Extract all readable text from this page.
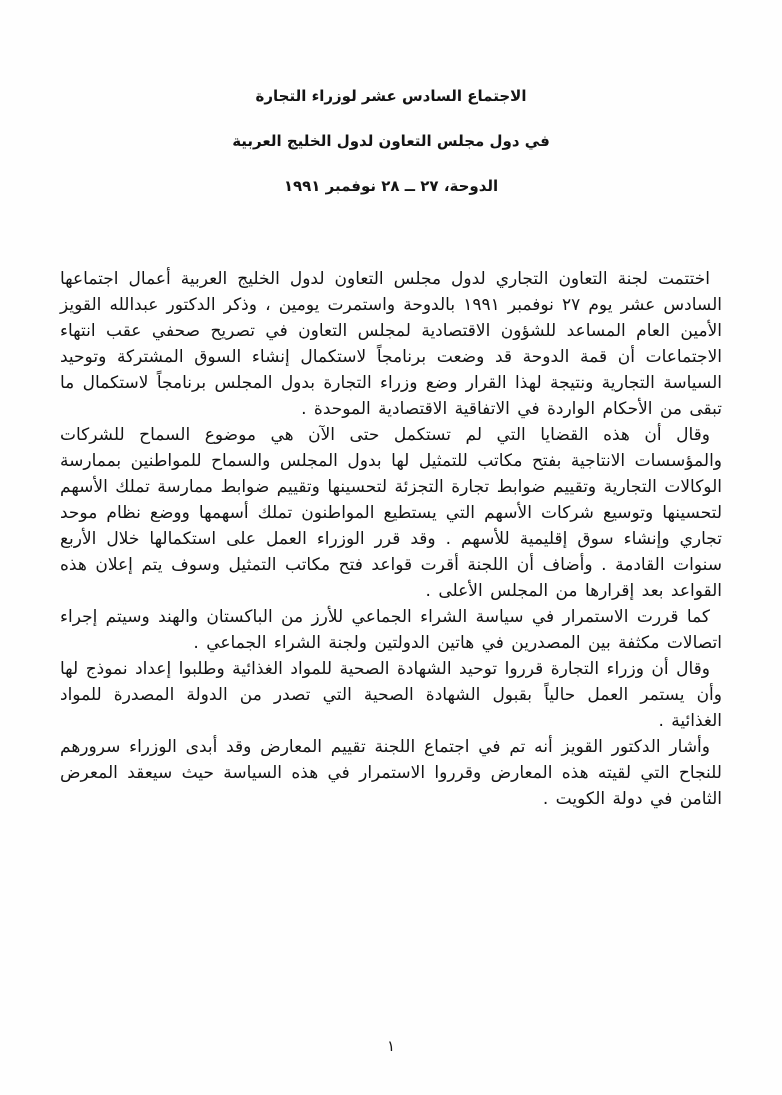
الاجتماع السادس عشر لوزراء التجارة
في دول مجلس التعاون لدول الخليج العربية
الدوحة، ٢٧ ــ ٢٨ نوفمبر ١٩٩١

اختتمت لجنة التعاون التجاري لدول مجلس التعاون لدول الخليج العربية أعمال اجتماعها السادس عشر يوم ٢٧ نوفمبر ١٩٩١ بالدوحة واستمرت يومين ، وذكر الدكتور عبدالله القويز الأمين العام المساعد للشؤون الاقتصادية لمجلس التعاون في تصريح صحفي عقب انتهاء الاجتماعات أن قمة الدوحة قد وضعت برنامجاً لاستكمال إنشاء السوق المشتركة وتوحيد السياسة التجارية ونتيجة لهذا القرار وضع وزراء التجارة بدول المجلس برنامجاً لاستكمال ما تبقى من الأحكام الواردة في الاتفاقية الاقتصادية الموحدة .

وقال أن هذه القضايا التي لم تستكمل حتى الآن هي موضوع السماح للشركات والمؤسسات الانتاجية بفتح مكاتب للتمثيل لها بدول المجلس والسماح للمواطنين بممارسة الوكالات التجارية وتقييم ضوابط تجارة التجزئة لتحسينها وتقييم ضوابط ممارسة تملك الأسهم لتحسينها وتوسيع شركات الأسهم التي يستطيع المواطنون تملك أسهمها ووضع نظام موحد تجاري وإنشاء سوق إقليمية للأسهم . وقد قرر الوزراء العمل على استكمالها خلال الأربع سنوات القادمة . وأضاف أن اللجنة أقرت قواعد فتح مكاتب التمثيل وسوف يتم إعلان هذه القواعد بعد إقرارها من المجلس الأعلى .

كما قررت الاستمرار في سياسة الشراء الجماعي للأرز من الباكستان والهند وسيتم إجراء اتصالات مكثفة بين المصدرين في هاتين الدولتين ولجنة الشراء الجماعي .

وقال أن وزراء التجارة قرروا توحيد الشهادة الصحية للمواد الغذائية وطلبوا إعداد نموذج لها وأن يستمر العمل حالياً بقبول الشهادة الصحية التي تصدر من الدولة المصدرة للمواد الغذائية .

وأشار الدكتور القويز أنه تم في اجتماع اللجنة تقييم المعارض وقد أبدى الوزراء سرورهم للنجاح التي لقيته هذه المعارض وقرروا الاستمرار في هذه السياسة حيث سيعقد المعرض الثامن في دولة الكويت .

١
